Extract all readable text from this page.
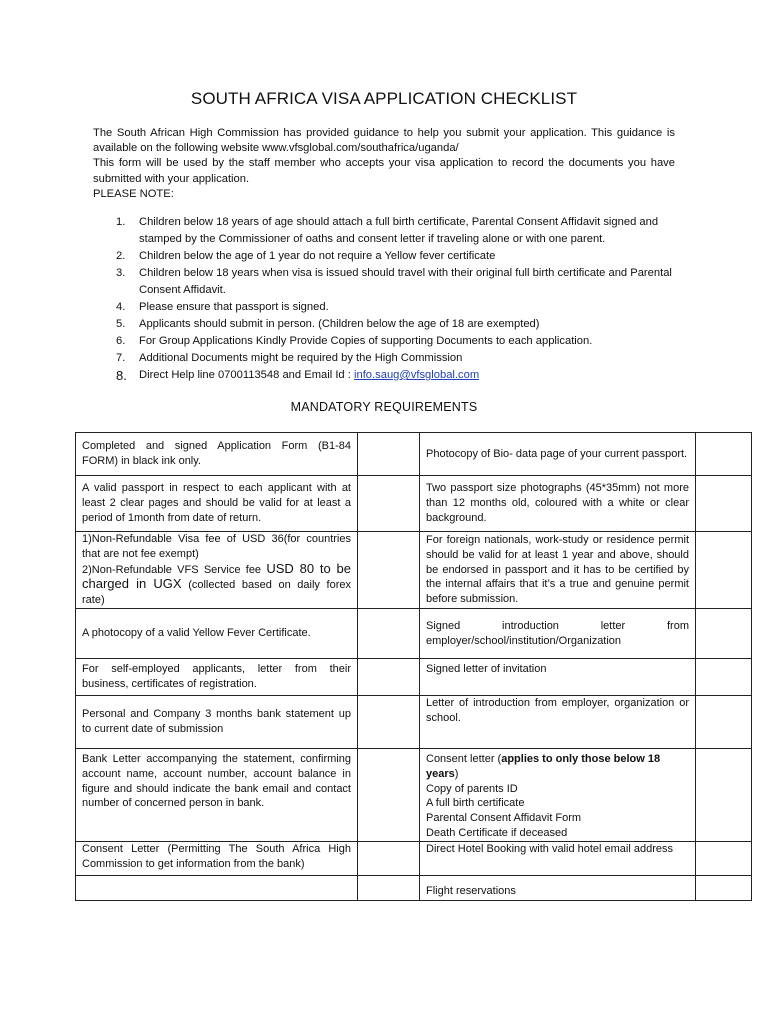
SOUTH AFRICA VISA APPLICATION CHECKLIST

The South African High Commission has provided guidance to help you submit your application. This guidance is available on the following website www.vfsglobal.com/southafrica/uganda/

This form will be used by the staff member who accepts your visa application to record the documents you have submitted with your application.

PLEASE NOTE:

1. Children below 18 years of age should attach a full birth certificate, Parental Consent Affidavit signed and stamped by the Commissioner of oaths and consent letter if traveling alone or with one parent.
2. Children below the age of 1 year do not require a Yellow fever certificate
3. Children below 18 years when visa is issued should travel with their original full birth certificate and Parental Consent Affidavit.
4. Please ensure that passport is signed.
5. Applicants should submit in person. (Children below the age of 18 are exempted)
6. For Group Applications Kindly Provide Copies of supporting Documents to each application.
7. Additional Documents might be required by the High Commission
8. Direct Help line 0700113548 and Email Id : info.saug@vfsglobal.com
MANDATORY REQUIREMENTS
Completed and signed Application Form (B1-84 FORM) in black ink only.		Photocopy of Bio- data page of your current passport.	
A valid passport in respect to each applicant with at least 2 clear pages and should be valid for at least a period of 1month from date of return.		Two passport size photographs (45*35mm) not more than 12 months old, coloured with a white or clear background.	

1)Non-Refundable Visa fee of USD 36(for countries that are not fee exempt)
2)Non-Refundable VFS Service fee USD 80 to be charged in UGX (collected based on daily forex rate)		For foreign nationals, work-study or residence permit should be valid for at least 1 year and above, should be endorsed in passport and it has to be certified by the internal affairs that it’s a true and genuine permit before submission.	
A photocopy of a valid Yellow Fever Certificate.		Signed introduction letter from employer/school/institution/Organization	
For self-employed applicants, letter from their business, certificates of registration.		Signed letter of invitation	
Personal and Company 3 months bank statement up to current date of submission		Letter of introduction from employer, organization or school.	
Bank Letter accompanying the statement, confirming account name, account number, account balance in figure and should indicate the bank email and contact number of concerned person in bank.		Consent letter (applies to only those below 18 years)
Copy of parents ID
A full birth certificate
Parental Consent Affidavit Form
Death Certificate if deceased	

Consent Letter (Permitting The South Africa High Commission to get information from the bank)		Direct Hotel Booking with valid hotel email address	
		Flight reservations	
